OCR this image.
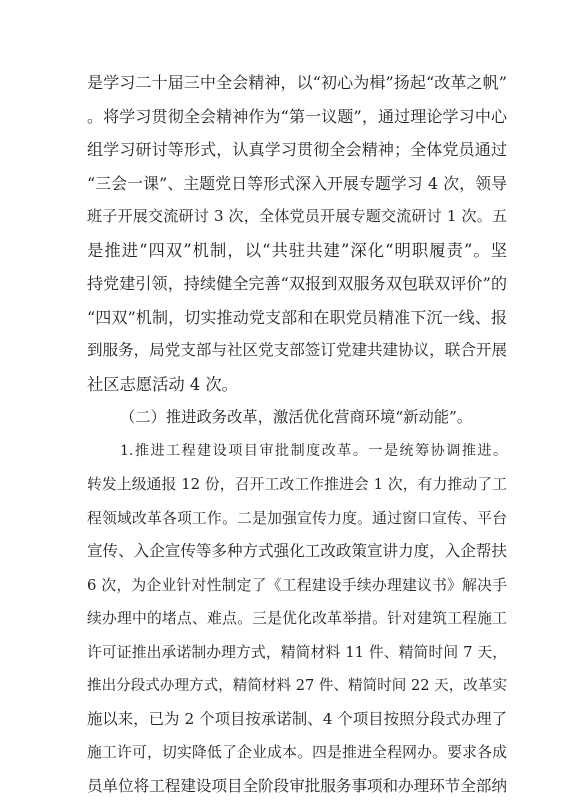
是学习二十届三中全会精神，以“初心为楫”扬起“改革之帆”
。将学习贯彻全会精神作为“第一议题”，通过理论学习中心
组学习研讨等形式，认真学习贯彻全会精神；全体党员通过
“三会一课”、主题党日等形式深入开展专题学习 4 次，领导
班子开展交流研讨 3 次，全体党员开展专题交流研讨 1 次。五
是推进“四双”机制，以“共驻共建”深化“明职履责”。坚
持党建引领，持续健全完善“双报到双服务双包联双评价”的
“四双”机制，切实推动党支部和在职党员精准下沉一线、报
到服务，局党支部与社区党支部签订党建共建协议，联合开展
社区志愿活动 4 次。
（二）推进政务改革，激活优化营商环境“新动能”。
1.推进工程建设项目审批制度改革。一是统筹协调推进。
转发上级通报 12 份，召开工改工作推进会 1 次，有力推动了工
程领域改革各项工作。二是加强宣传力度。通过窗口宣传、平台
宣传、入企宣传等多种方式强化工改政策宣讲力度，入企帮扶
6 次，为企业针对性制定了《工程建设手续办理建议书》解决手
续办理中的堵点、难点。三是优化改革举措。针对建筑工程施工
许可证推出承诺制办理方式，精简材料 11 件、精简时间 7 天，
推出分段式办理方式，精简材料 27 件、精简时间 22 天，改革实
施以来，已为 2 个项目按承诺制、4 个项目按照分段式办理了
施工许可，切实降低了企业成本。四是推进全程网办。要求各成
员单位将工程建设项目全阶段审批服务事项和办理环节全部纳
